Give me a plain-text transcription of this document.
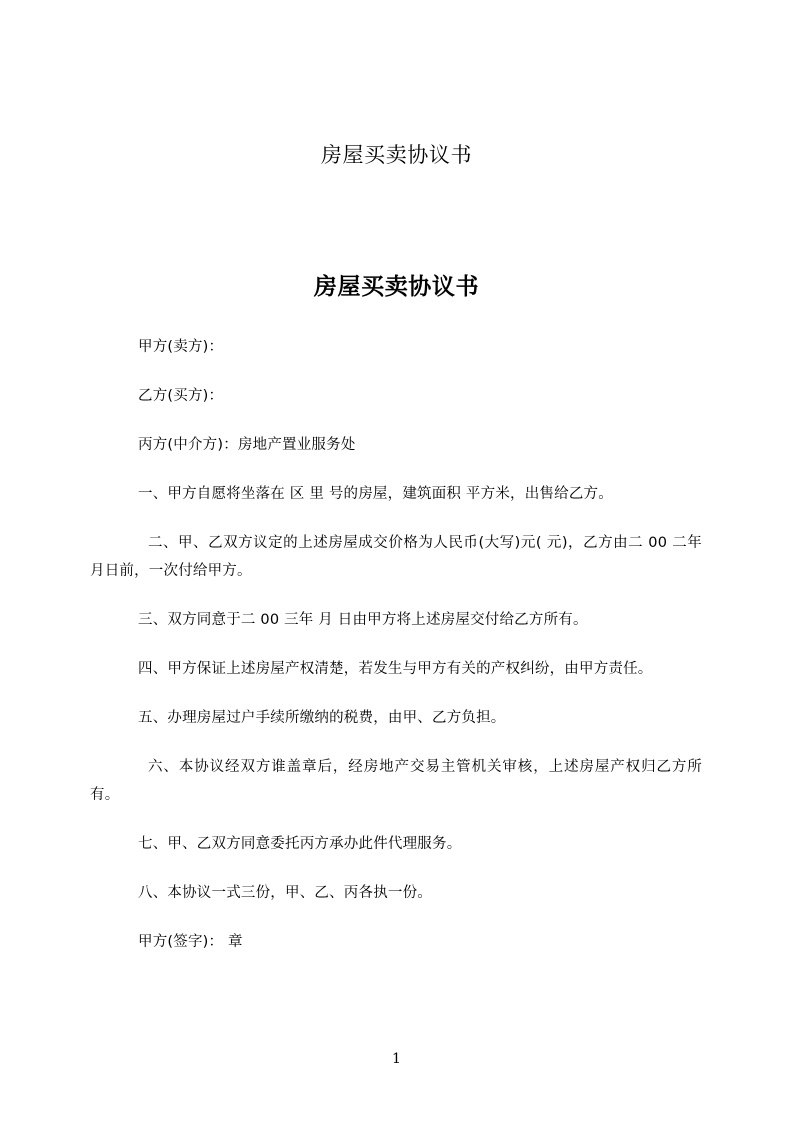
房屋买卖协议书
房屋买卖协议书

甲方(卖方)：

乙方(买方)：

丙方(中介方)：房地产置业服务处

一、甲方自愿将坐落在 区 里 号的房屋，建筑面积 平方米，出售给乙方。

二、甲、乙双方议定的上述房屋成交价格为人民币(大写)元( 元)，乙方由二 00 二年月日前，一次付给甲方。

三、双方同意于二 00 三年 月 日由甲方将上述房屋交付给乙方所有。

四、甲方保证上述房屋产权清楚，若发生与甲方有关的产权纠纷，由甲方责任。

五、办理房屋过户手续所缴纳的税费，由甲、乙方负担。

六、本协议经双方谁盖章后，经房地产交易主管机关审核，上述房屋产权归乙方所有。

七、甲、乙双方同意委托丙方承办此件代理服务。

八、本协议一式三份，甲、乙、丙各执一份。

甲方(签字)： 章

1
